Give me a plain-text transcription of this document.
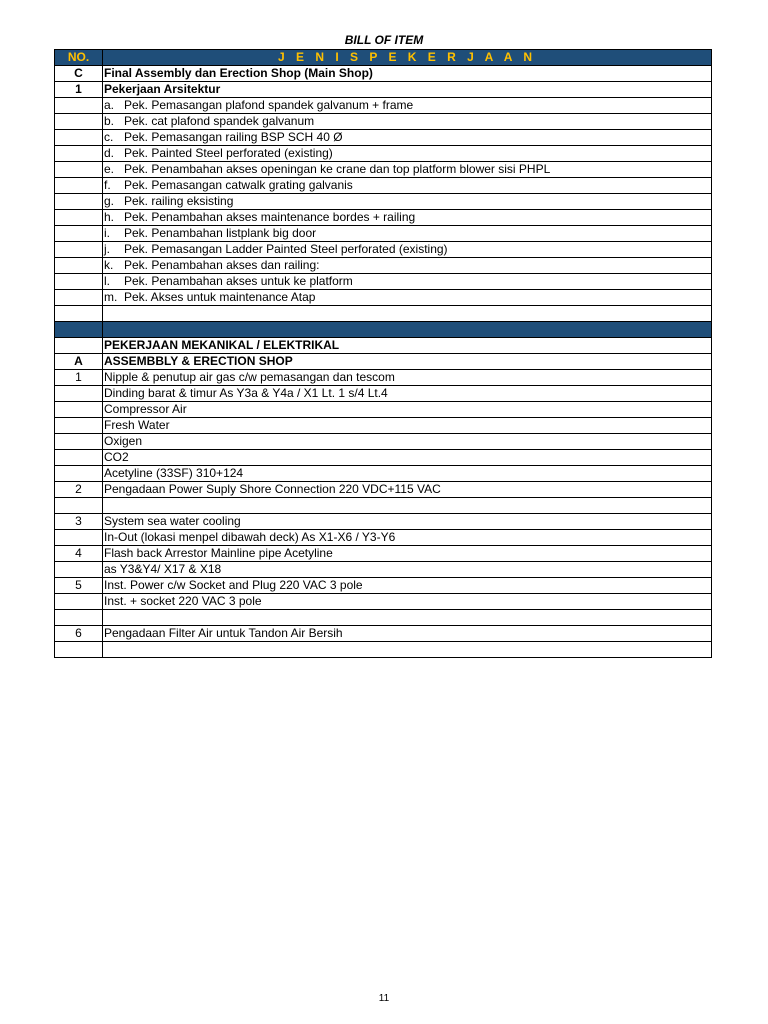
BILL OF ITEM
NO.	J E N I S P E K E R J A A N
C	Final Assembly dan Erection Shop (Main Shop)
1	Pekerjaan Arsitektur
	a. Pek. Pemasangan plafond spandek galvanum + frame
	b. Pek. cat plafond spandek galvanum
	c. Pek. Pemasangan railing BSP SCH 40 Ø
	d. Pek. Painted Steel perforated (existing)
	e. Pek. Penambahan akses openingan ke crane dan top platform blower sisi PHPL
	f. Pek. Pemasangan catwalk grating galvanis
	g. Pek. railing eksisting
	h. Pek. Penambahan akses maintenance bordes + railing
	i. Pek. Penambahan listplank big door
	j. Pek. Pemasangan Ladder Painted Steel perforated (existing)
	k. Pek. Penambahan akses dan railing:
	l. Pek. Penambahan akses untuk ke platform
	m. Pek. Akses untuk maintenance Atap

	PEKERJAAN MEKANIKAL / ELEKTRIKAL
A	ASSEMBBLY & ERECTION SHOP
1	Nipple & penutup air gas c/w pemasangan dan tescom
	Dinding barat & timur As Y3a & Y4a / X1 Lt. 1 s/4 Lt.4
	Compressor Air
	Fresh Water
	Oxigen
	CO2
	Acetyline (33SF) 310+124
2	Pengadaan Power Suply Shore Connection 220 VDC+115 VAC

3	System sea water cooling
	In-Out (lokasi menpel dibawah deck) As X1-X6 / Y3-Y6
4	Flash back Arrestor Mainline pipe Acetyline
	as Y3&Y4/ X17 & X18
5	Inst. Power c/w Socket and Plug 220 VAC 3 pole
	Inst. + socket 220 VAC 3 pole

6	Pengadaan Filter Air untuk Tandon Air Bersih

11
